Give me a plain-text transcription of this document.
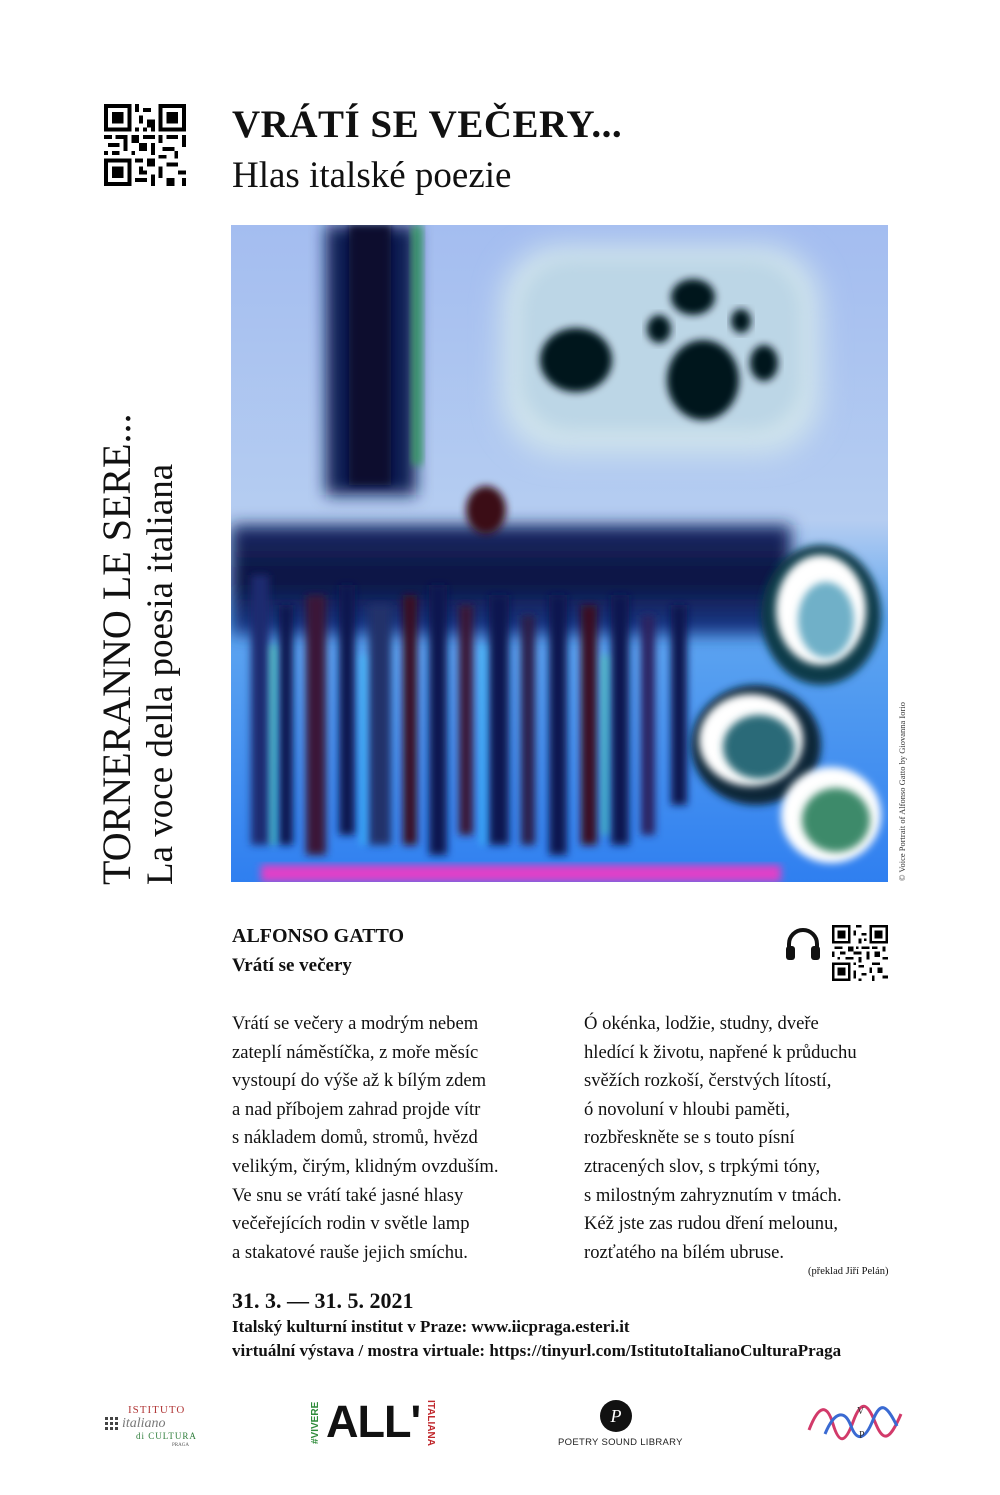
VRÁTÍ SE VEČERY...
Hlas italské poezie
TORNERANNO LE SERE... La voce della poesia italiana	© Voice Portrait of Alfonso Gatto by Giovanna Iorio
ALFONSO GATTO
Vrátí se večery
Vrátí se večery a modrým nebem
zateplí náměstíčka, z moře měsíc
vystoupí do výše až k bílým zdem
a nad příbojem zahrad projde vítr
s nákladem domů, stromů, hvězd
velikým, čirým, klidným ovzduším.
Ve snu se vrátí také jasné hlasy
večeřejících rodin v světle lamp
a stakatové rauše jejich smíchu.
Ó okénka, lodžie, studny, dveře
hledící k životu, napřené k průduchu
svěžích rozkoší, čerstvých lítostí,
ó novoluní v hloubi paměti,
rozbřeskněte se s touto písní
ztracených slov, s trpkými tóny,
s milostným zahryznutím v tmách.
Kéž jste zas rudou dření melounu,
rozťatého na bílém ubruse.
(překlad Jiří Pelán)
31. 3. — 31. 5. 2021
Italský kulturní institut v Praze: www.iicpraga.esteri.it
virtuální výstava / mostra virtuale: https://tinyurl.com/IstitutoItalianoCulturaPraga
ISTITUTO
italiano
di CULTURA
PRAGA
#VIVERE ALL' ITALIANA	P
POETRY SOUND LIBRARY
V
P
